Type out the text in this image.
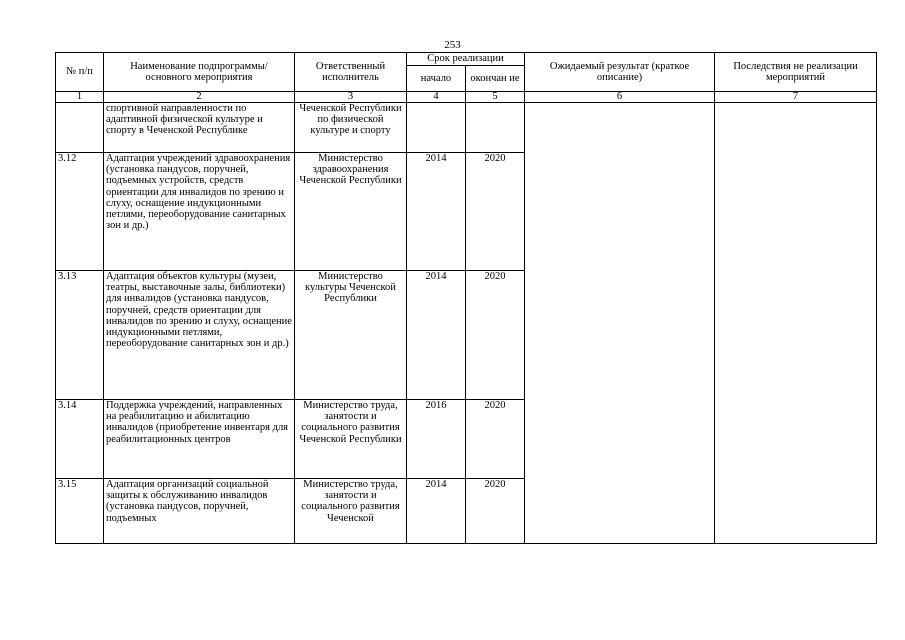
253
№ п/п	Наименование подпрограммы/ основного мероприятия	Ответственный исполнитель	Срок реализации		Ожидаемый результат (краткое описание)	Последствия не реализации мероприятий
			начало	окончан ие		
1	2	3	4	5	6	7
	спортивной направленности по адаптивной физической культуре и спорту в Чеченской Республике	Чеченской Республики по физической культуре и спорту				
3.12	Адаптация учреждений здравоохранения (установка пандусов, поручней, подъемных устройств, средств ориентации для инвалидов по зрению и слуху, оснащение индукционными петлями, переоборудование санитарных зон и др.)	Министерство здравоохранения Чеченской Республики	2014	2020		
3.13	Адаптация объектов культуры (музеи, театры, выставочные залы, библиотеки) для инвалидов (установка пандусов, поручней, средств ориентации для инвалидов по зрению и слуху, оснащение индукционными петлями, переоборудование санитарных зон и др.)	Министерство культуры Чеченской Республики	2014	2020		
3.14	Поддержка учреждений, направленных на реабилитацию и абилитацию инвалидов (приобретение инвентаря для реабилитационных центров	Министерство труда, занятости и социального развития Чеченской Республики	2016	2020		
3.15	Адаптация организаций социальной защиты к обслуживанию инвалидов (установка пандусов, поручней, подъемных	Министерство труда, занятости и социального развития Чеченской	2014	2020		
